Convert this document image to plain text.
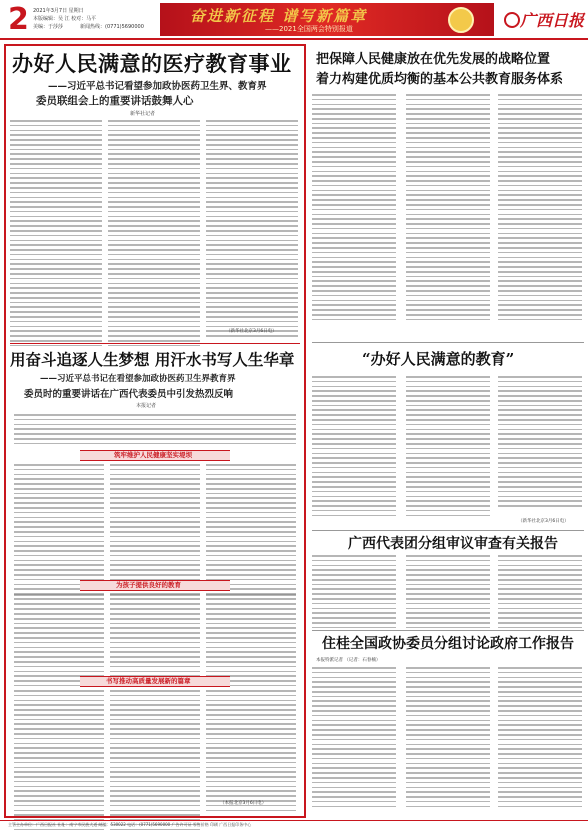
2 2021年3月7日 星期日
本版编辑：吴 江 校对：马平
美编：于莎莎	新闻热线：(0771)5690000
奋进新征程 谱写新篇章
——2021全国两会特别报道	广西日报
办好人民满意的医疗教育事业
——习近平总书记看望参加政协医药卫生界、教育界
委员联组会上的重要讲话鼓舞人心
新华社记者
（新华社北京3月6日电）
用奋斗追逐人生梦想 用汗水书写人生华章
——习近平总书记在看望参加政协医药卫生界教育界
委员时的重要讲话在广西代表委员中引发热烈反响
本报记者
筑牢维护人民健康坚实堤坝
为孩子提供良好的教育
书写推动高质量发展新的篇章
（本报北京3月6日电）
把保障人民健康放在优先发展的战略位置
着力构建优质均衡的基本公共教育服务体系
“办好人民满意的教育”
（新华社北京3月6日电）
广西代表团分组审议审查有关报告
住桂全国政协委员分组讨论政府工作报告
本报特派记者 （记者：石春楠）
主管主办单位：广西日报社 社址：南宁市民族大道 邮编：530022 电话：(0771)5690000 广告许可证 零售价格 印刷 广西日报印务中心
